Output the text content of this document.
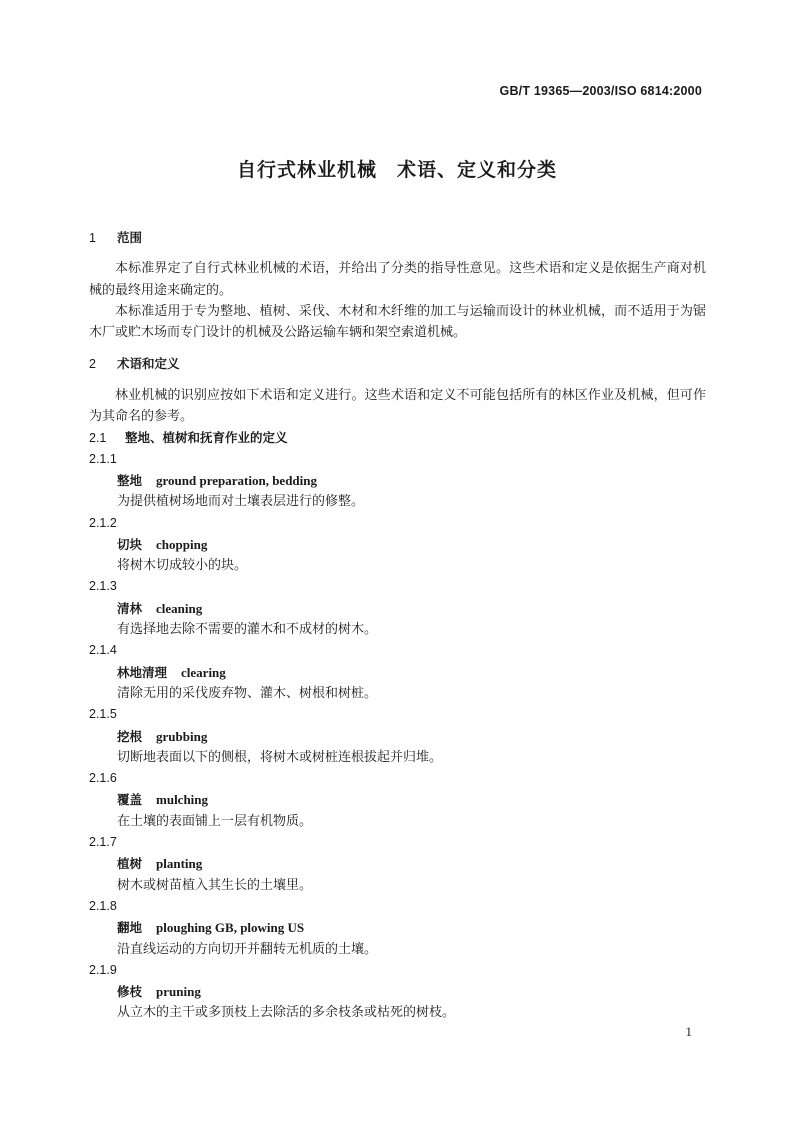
GB/T 19365—2003/ISO 6814:2000
自行式林业机械　术语、定义和分类
1 范围

本标准界定了自行式林业机械的术语，并给出了分类的指导性意见。这些术语和定义是依据生产商对机械的最终用途来确定的。

本标准适用于专为整地、植树、采伐、木材和木纤维的加工与运输而设计的林业机械，而不适用于为锯木厂或贮木场而专门设计的机械及公路运输车辆和架空索道机械。

2 术语和定义

林业机械的识别应按如下术语和定义进行。这些术语和定义不可能包括所有的林区作业及机械，但可作为其命名的参考。

2.1 整地、植树和抚育作业的定义
2.1.1
整地 ground preparation, bedding
为提供植树场地而对土壤表层进行的修整。
2.1.2
切块 chopping
将树木切成较小的块。
2.1.3
清林 cleaning
有选择地去除不需要的灌木和不成材的树木。
2.1.4
林地清理 clearing
清除无用的采伐废弃物、灌木、树根和树桩。
2.1.5
挖根 grubbing
切断地表面以下的侧根，将树木或树桩连根拔起并归堆。
2.1.6
覆盖 mulching
在土壤的表面铺上一层有机物质。
2.1.7
植树 planting
树木或树苗植入其生长的土壤里。
2.1.8
翻地 ploughing GB, plowing US
沿直线运动的方向切开并翻转无机质的土壤。
2.1.9
修枝 pruning
从立木的主干或多顶枝上去除活的多余枝条或枯死的树枝。
1
